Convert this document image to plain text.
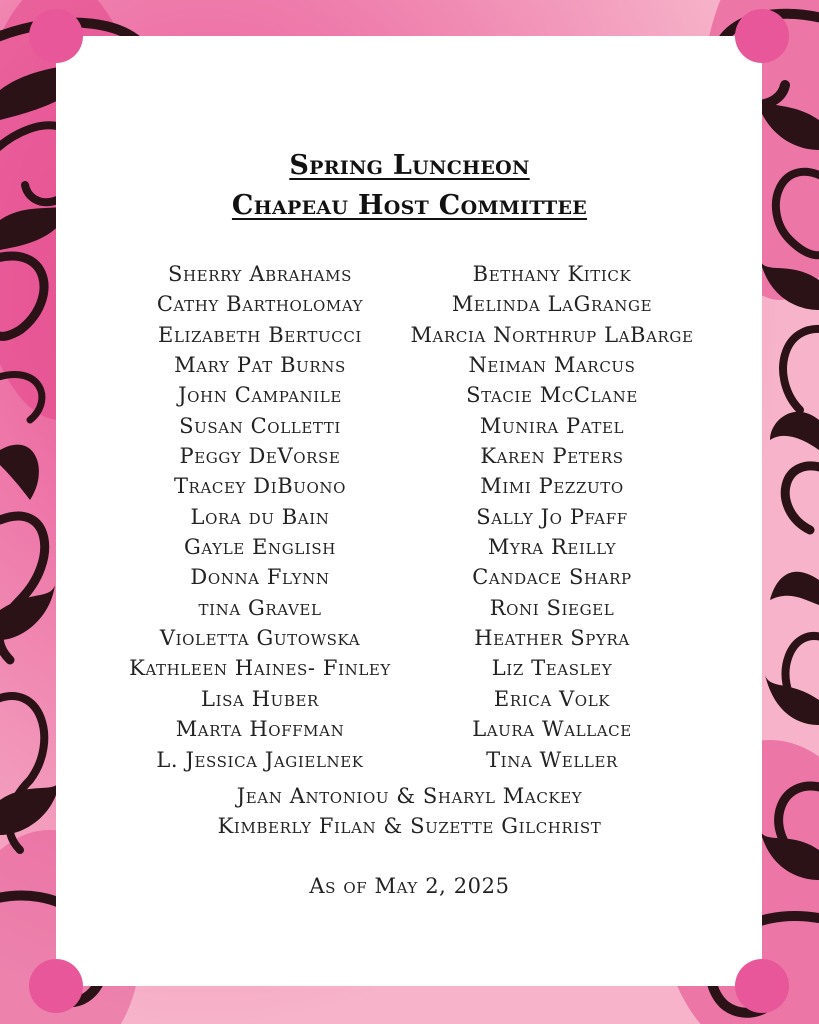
Spring Luncheon
Chapeau Host Committee
Sherry Abrahams
Cathy Bartholomay
Elizabeth Bertucci
Mary Pat Burns
John Campanile
Susan Colletti
Peggy DeVorse
Tracey DiBuono
Lora du Bain
Gayle English
Donna Flynn
tina Gravel
Violetta Gutowska
Kathleen Haines- Finley
Lisa Huber
Marta Hoffman
L. Jessica Jagielnek
Bethany Kitick
Melinda LaGrange
Marcia Northrup LaBarge
Neiman Marcus
Stacie McClane
Munira Patel
Karen Peters
Mimi Pezzuto
Sally Jo Pfaff
Myra Reilly
Candace Sharp
Roni Siegel
Heather Spyra
Liz Teasley
Erica Volk
Laura Wallace
Tina Weller
Jean Antoniou & Sharyl Mackey
Kimberly Filan & Suzette Gilchrist
As of May 2, 2025
